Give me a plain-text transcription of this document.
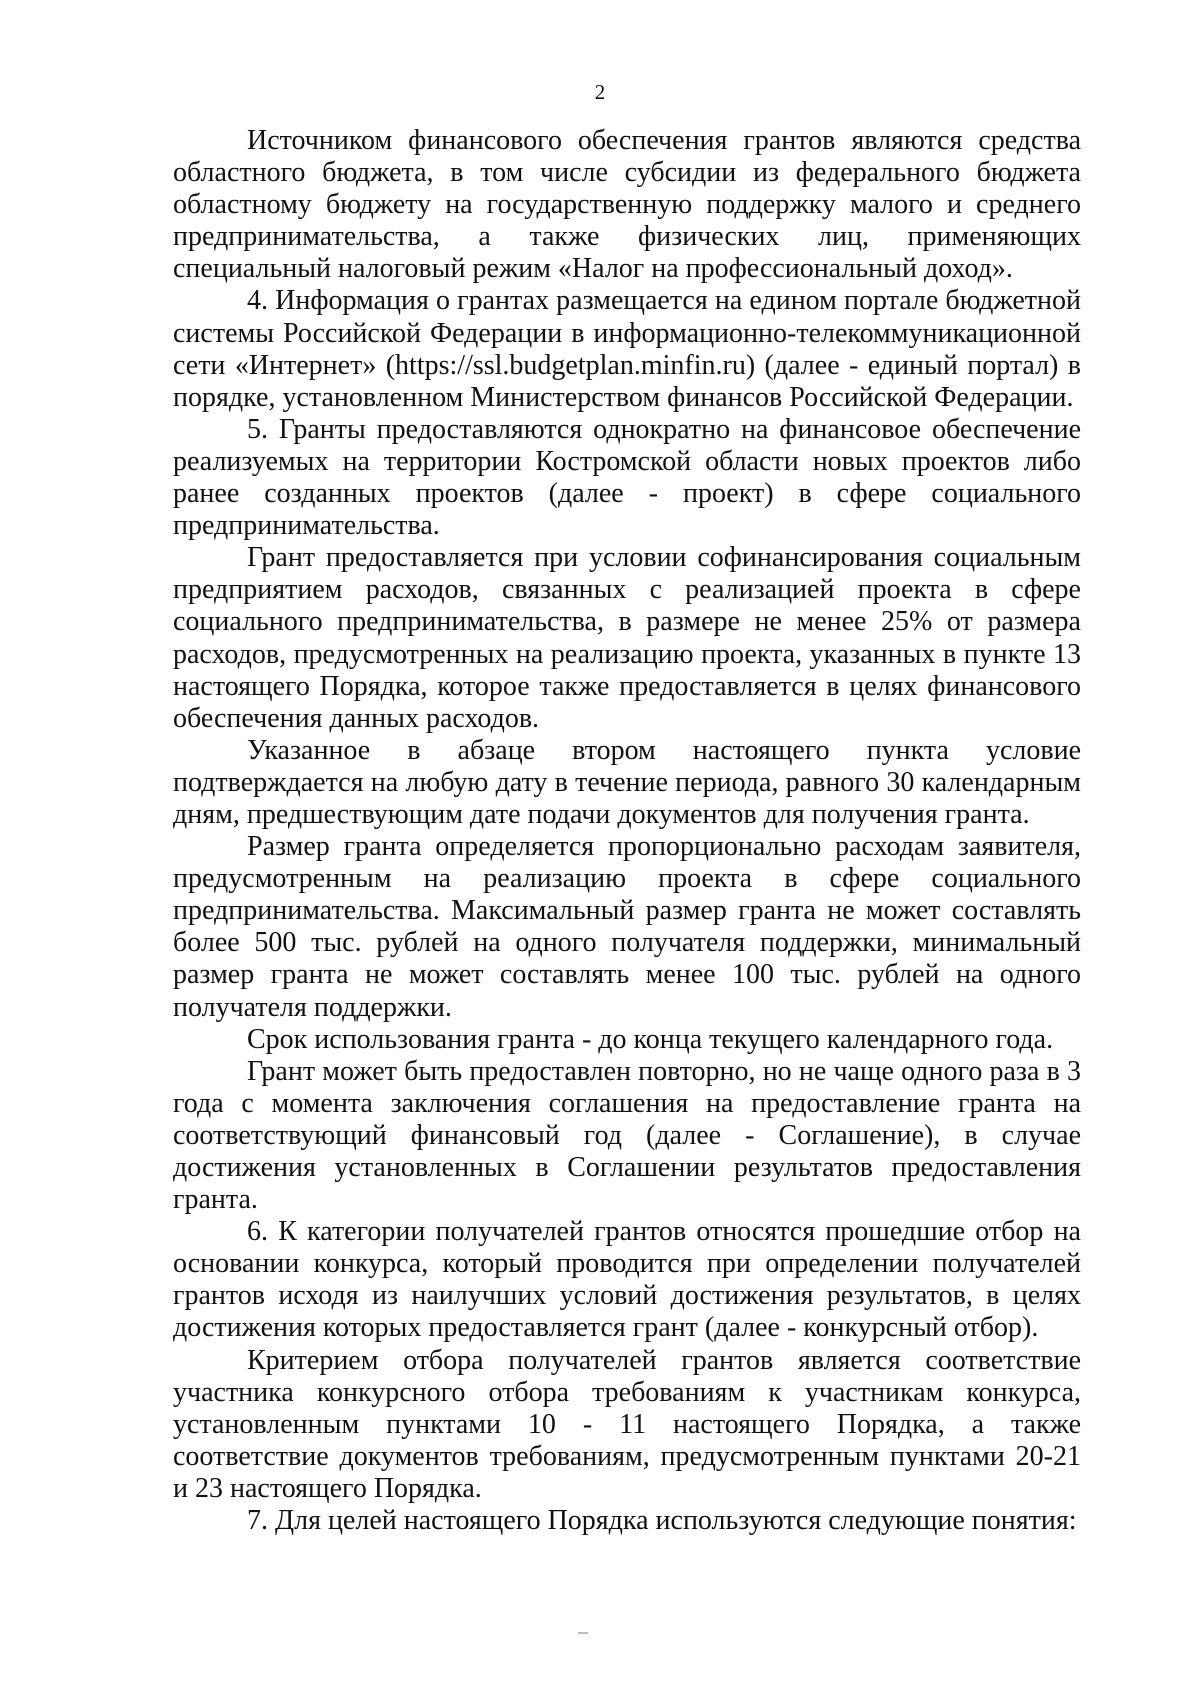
2

Источником финансового обеспечения грантов являются средства областного бюджета, в том числе субсидии из федерального бюджета областному бюджету на государственную поддержку малого и среднего предпринимательства, а также физических лиц, применяющих специальный налоговый режим «Налог на профессиональный доход».

4. Информация о грантах размещается на едином портале бюджетной системы Российской Федерации в информационно-телекоммуникационной сети «Интернет» (https://ssl.budgetplan.minfin.ru) (далее - единый портал) в порядке, установленном Министерством финансов Российской Федерации.

5. Гранты предоставляются однократно на финансовое обеспечение реализуемых на территории Костромской области новых проектов либо ранее созданных проектов (далее - проект) в сфере социального предпринимательства.

Грант предоставляется при условии софинансирования социальным предприятием расходов, связанных с реализацией проекта в сфере социального предпринимательства, в размере не менее 25% от размера расходов, предусмотренных на реализацию проекта, указанных в пункте 13 настоящего Порядка, которое также предоставляется в целях финансового обеспечения данных расходов.

Указанное в абзаце втором настоящего пункта условие подтверждается на любую дату в течение периода, равного 30 календарным дням, предшествующим дате подачи документов для получения гранта.

Размер гранта определяется пропорционально расходам заявителя, предусмотренным на реализацию проекта в сфере социального предпринимательства. Максимальный размер гранта не может составлять более 500 тыс. рублей на одного получателя поддержки, минимальный размер гранта не может составлять менее 100 тыс. рублей на одного получателя поддержки.

Срок использования гранта - до конца текущего календарного года.

Грант может быть предоставлен повторно, но не чаще одного раза в 3 года с момента заключения соглашения на предоставление гранта на соответствующий финансовый год (далее - Соглашение), в случае достижения установленных в Соглашении результатов предоставления гранта.

6. К категории получателей грантов относятся прошедшие отбор на основании конкурса, который проводится при определении получателей грантов исходя из наилучших условий достижения результатов, в целях достижения которых предоставляется грант (далее - конкурсный отбор).

Критерием отбора получателей грантов является соответствие участника конкурсного отбора требованиям к участникам конкурса, установленным пунктами 10 - 11 настоящего Порядка, а также соответствие документов требованиям, предусмотренным пунктами 20-21 и 23 настоящего Порядка.

7. Для целей настоящего Порядка используются следующие понятия:
